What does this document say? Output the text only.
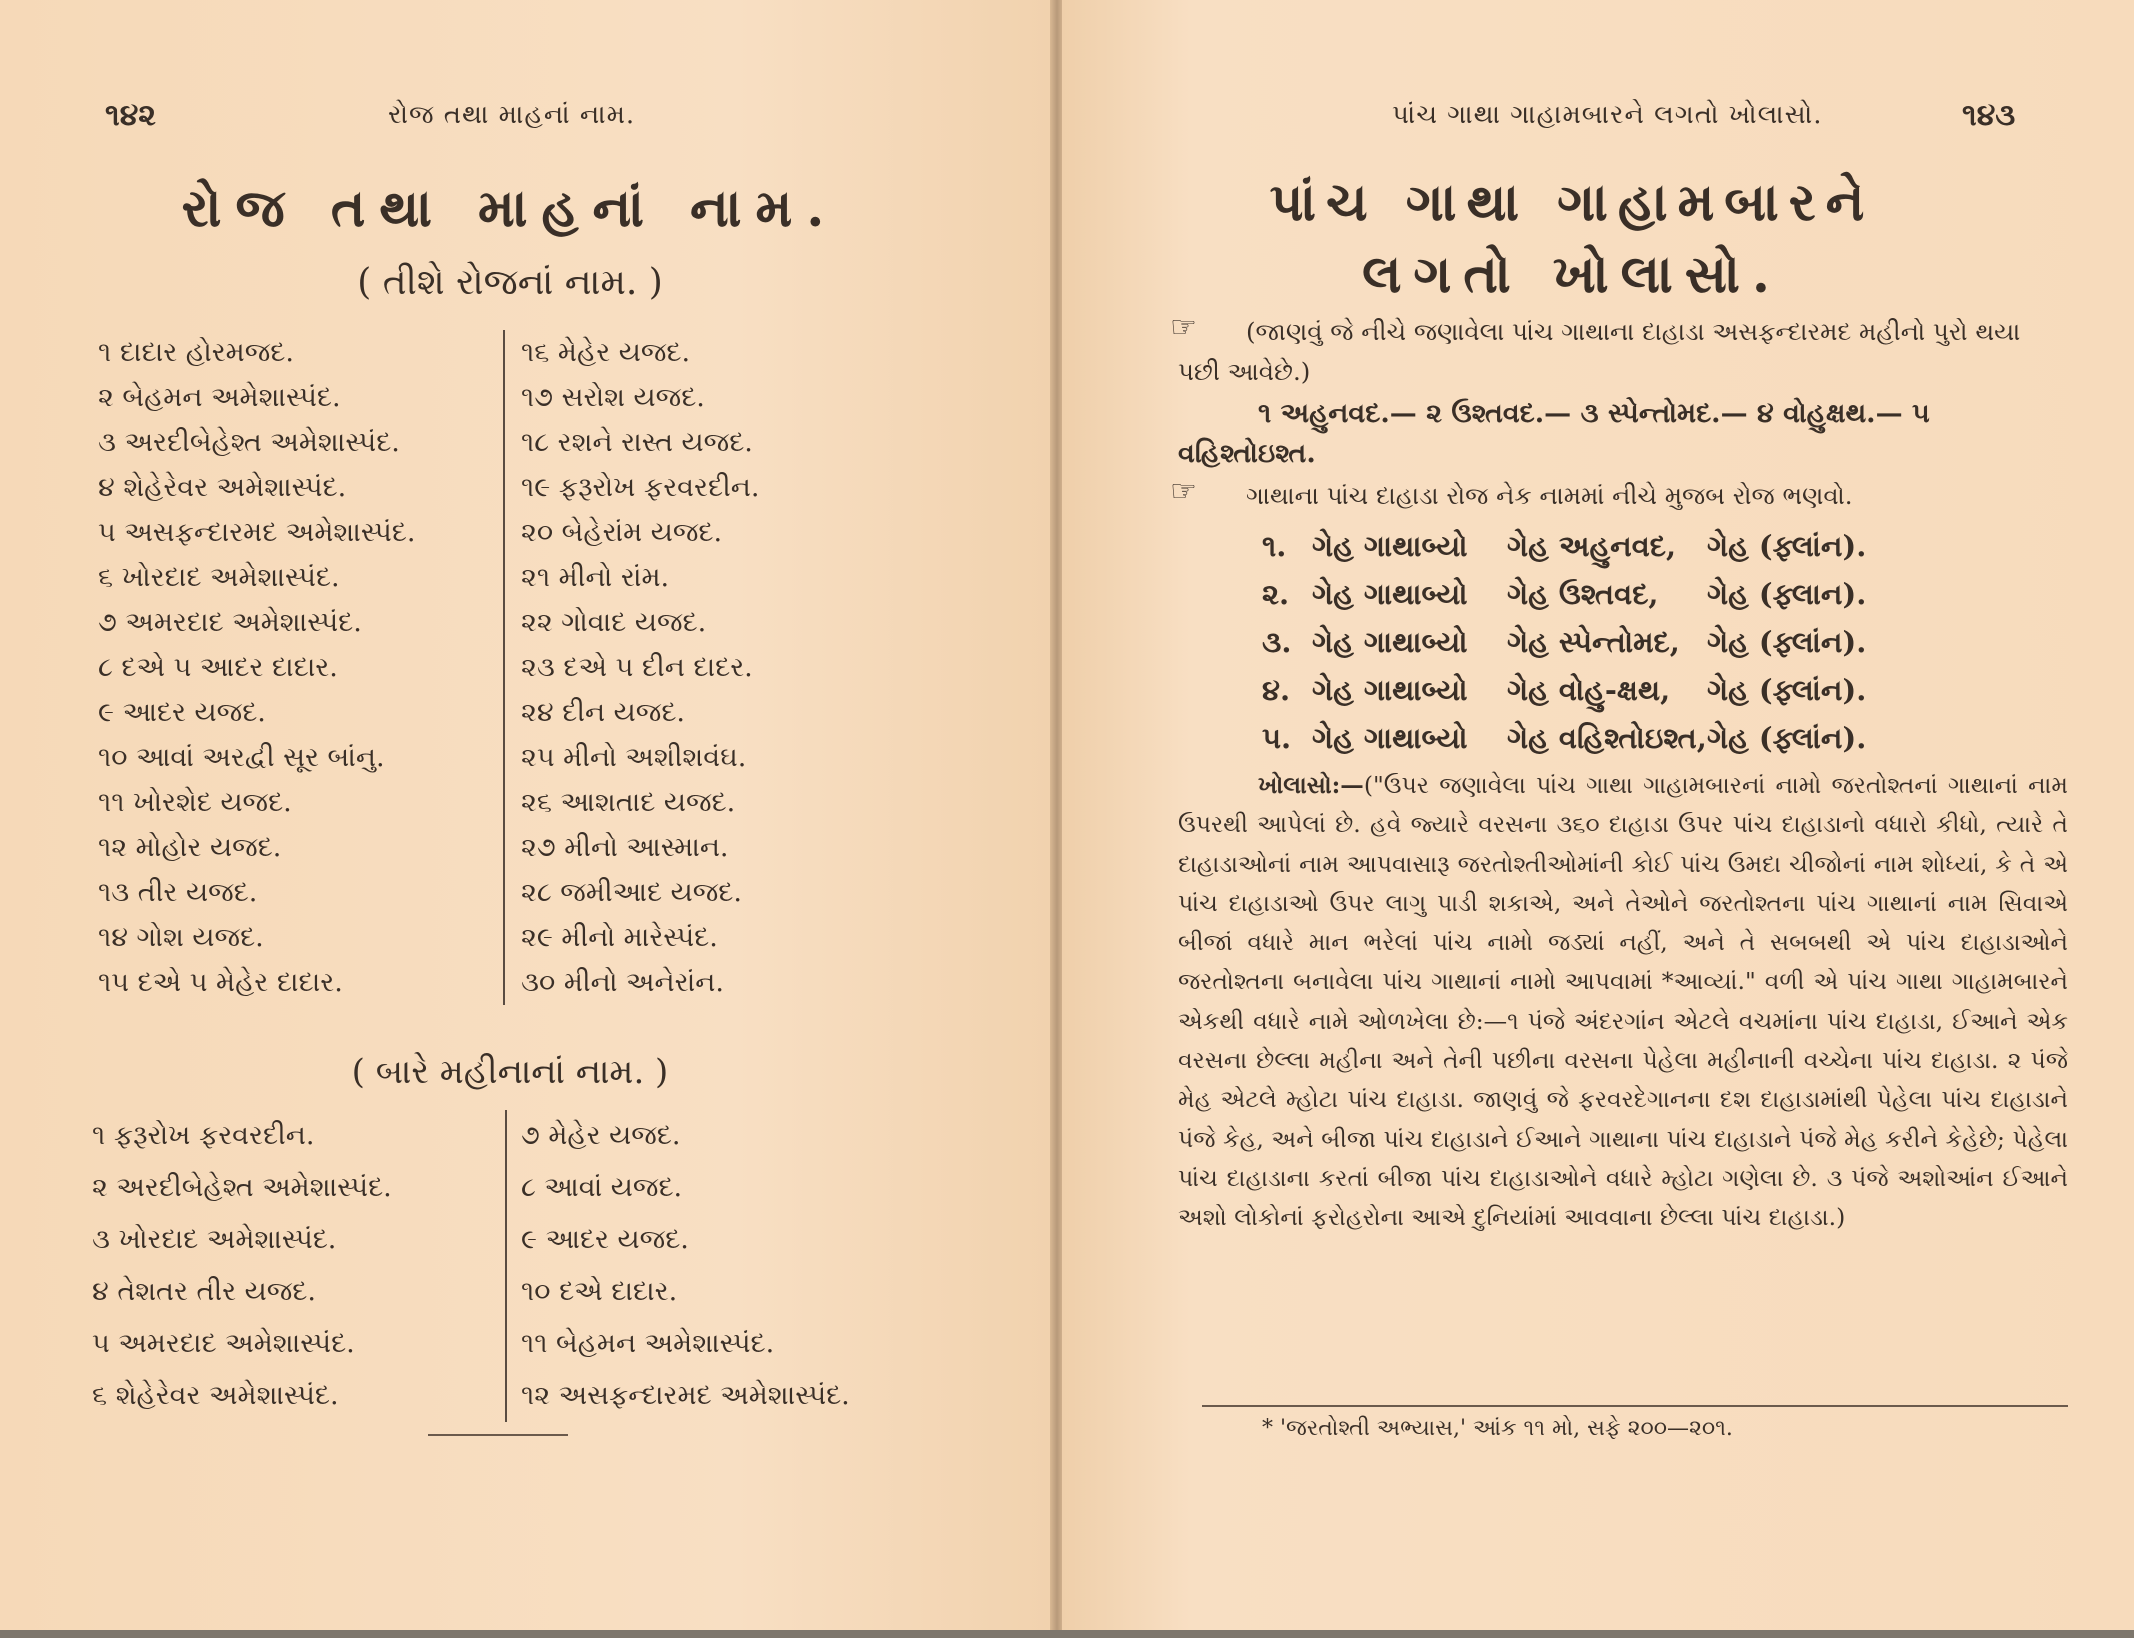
૧૪૨	રોજ તથા માહનાં નામ.
રોજ તથા માહનાં નામ.
( તીશે રોજનાં નામ. )
૧ દાદાર હોરમજદ.
૨ બેહમન અમેશાસ્પંદ.
૩ અરદીબેહેશ્ત અમેશાસ્પંદ.
૪ શેહેરેવર અમેશાસ્પંદ.
૫ અસફન્દારમદ અમેશાસ્પંદ.
૬ ખોરદાદ અમેશાસ્પંદ.
૭ અમરદાદ અમેશાસ્પંદ.
૮ દએ ૫ આદર દાદાર.
૯ આદર યજદ.
૧૦ આવાં અરદ્વી સૂર બાંનુ.
૧૧ ખોરશેદ યજદ.
૧૨ મોહોર યજદ.
૧૩ તીર યજદ.
૧૪ ગોશ યજદ.
૧૫ દએ ૫ મેહેર દાદાર.
૧૬ મેહેર યજદ.
૧૭ સરોશ યજદ.
૧૮ રશને રાસ્ત યજદ.
૧૯ ફરૂરોખ ફરવરદીન.
૨૦ બેહેરાંમ યજદ.
૨૧ મીનો રાંમ.
૨૨ ગોવાદ યજદ.
૨૩ દએ ૫ દીન દાદર.
૨૪ દીન યજદ.
૨૫ મીનો અશીશવંઘ.
૨૬ આશતાદ યજદ.
૨૭ મીનો આસ્માન.
૨૮ જમીઆદ યજદ.
૨૯ મીનો મારેસ્પંદ.
૩૦ મીનો અનેરાંન.
( બારે મહીનાનાં નામ. )
૧ ફરૂરોખ ફરવરદીન.
૨ અરદીબેહેશ્ત અમેશાસ્પંદ.
૩ ખોરદાદ અમેશાસ્પંદ.
૪ તેશતર તીર યજદ.
૫ અમરદાદ અમેશાસ્પંદ.
૬ શેહેરેવર અમેશાસ્પંદ.
૭ મેહેર યજદ.
૮ આવાં યજદ.
૯ આદર યજદ.
૧૦ દએ દાદાર.
૧૧ બેહમન અમેશાસ્પંદ.
૧૨ અસફન્દારમદ અમેશાસ્પંદ.
પાંચ ગાથા ગાહામબારને લગતો ખોલાસો.	૧૪૩
પાંચ ગાથા ગાહામબારને
લગતો ખોલાસો.
☞ (જાણવું જે નીચે જણાવેલા પાંચ ગાથાના દાહાડા અસફન્દારમદ મહીનો પુરો થયા પછી આવેછે.)
૧ અહુનવદ.— ૨ ઉશ્તવદ.— ૩ સ્પેન્તોમદ.— ૪ વોહુક્ષથ.— ૫ વહિશ્તોઇશ્ત.
☞ ગાથાના પાંચ દાહાડા રોજ નેક નામમાં નીચે મુજબ રોજ ભણવો.
૧. ગેહ ગાથાબ્યો	ગેહ અહુનવદ,	ગેહ (ફ્લાંન).
૨. ગેહ ગાથાબ્યો	ગેહ ઉશ્તવદ,	ગેહ (ફ્લાન).
૩. ગેહ ગાથાબ્યો	ગેહ સ્પેન્તોમદ, ગેહ (ફ્લાંન).
૪. ગેહ ગાથાબ્યો	ગેહ વોહુ-ક્ષથ,	ગેહ (ફ્લાંન).
૫. ગેહ ગાથાબ્યો	ગેહ વહિશ્તોઇશ્ત, ગેહ (ફ્લાંન).
ખોલાસો:—("ઉપર જણાવેલા પાંચ ગાથા ગાહામબારનાં નામો જરતોશ્તનાં ગાથાનાં નામ ઉપરથી આપેલાં છે. હવે જ્યારે વરસના ૩૬૦ દાહાડા ઉપર પાંચ દાહાડાનો વધારો કીધો, ત્યારે તે દાહાડાઓનાં નામ આપવાસારૂ જરતોશ્તીઓમાંની કોઈ પાંચ ઉમદા ચીજોનાં નામ શોધ્યાં, કે તે એ પાંચ દાહાડાઓ ઉપર લાગુ પાડી શકાએ, અને તેઓને જરતોશ્તના પાંચ ગાથાનાં નામ સિવાએ બીજાં વધારે માન ભરેલાં પાંચ નામો જડ્યાં નહીં, અને તે સબબથી એ પાંચ દાહાડાઓને જરતોશ્તના બનાવેલા પાંચ ગાથાનાં નામો આપવામાં *આવ્યાં." વળી એ પાંચ ગાથા ગાહામબારને એકથી વધારે નામે ઓળખેલા છે:—૧ પંજે અંદરગાંન એટલે વચમાંના પાંચ દાહાડા, ઈઆને એક વરસના છેલ્લા મહીના અને તેની પછીના વરસના પેહેલા મહીનાની વચ્ચેના પાંચ દાહાડા. ૨ પંજે મેહ એટલે મ્હોટા પાંચ દાહાડા. જાણવું જે ફરવરદેગાનના દશ દાહાડામાંથી પેહેલા પાંચ દાહાડાને પંજે કેહ, અને બીજા પાંચ દાહાડાને ઈઆને ગાથાના પાંચ દાહાડાને પંજે મેહ કરીને કેહેછે; પેહેલા પાંચ દાહાડાના કરતાં બીજા પાંચ દાહાડાઓને વધારે મ્હોટા ગણેલા છે. ૩ પંજે અશોઆંન ઈઆને અશો લોકોનાં ફરોહરોના આએ દુનિયાંમાં આવવાના છેલ્લા પાંચ દાહાડા.)
* 'જરતોશ્તી અભ્યાસ,' આંક ૧૧ મો, સફે ૨૦૦—૨૦૧.
